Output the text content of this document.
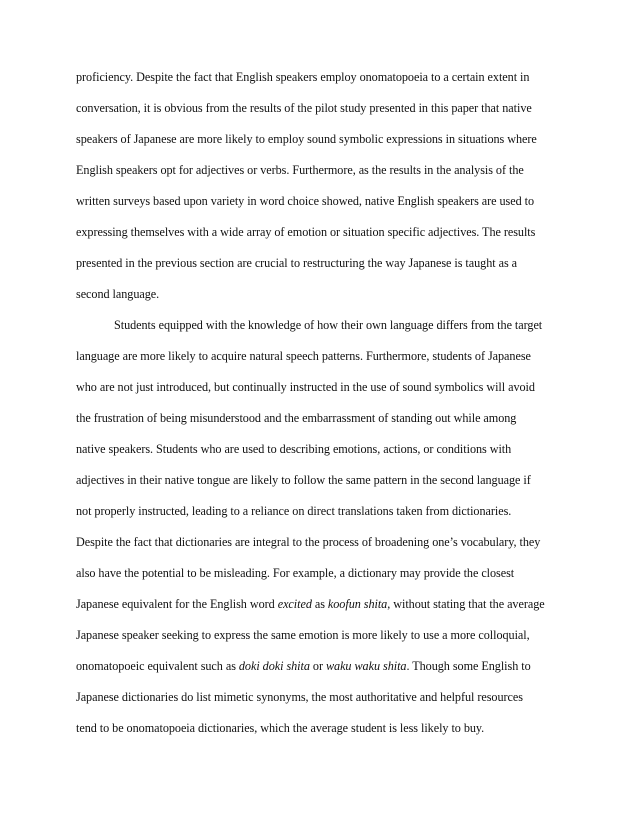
proficiency. Despite the fact that English speakers employ onomatopoeia to a certain extent in
conversation, it is obvious from the results of the pilot study presented in this paper that native
speakers of Japanese are more likely to employ sound symbolic expressions in situations where
English speakers opt for adjectives or verbs. Furthermore, as the results in the analysis of the
written surveys based upon variety in word choice showed, native English speakers are used to
expressing themselves with a wide array of emotion or situation specific adjectives. The results
presented in the previous section are crucial to restructuring the way Japanese is taught as a
second language.
Students equipped with the knowledge of how their own language differs from the target
language are more likely to acquire natural speech patterns. Furthermore, students of Japanese
who are not just introduced, but continually instructed in the use of sound symbolics will avoid
the frustration of being misunderstood and the embarrassment of standing out while among
native speakers. Students who are used to describing emotions, actions, or conditions with
adjectives in their native tongue are likely to follow the same pattern in the second language if
not properly instructed, leading to a reliance on direct translations taken from dictionaries.
Despite the fact that dictionaries are integral to the process of broadening one’s vocabulary, they
also have the potential to be misleading. For example, a dictionary may provide the closest
Japanese equivalent for the English word excited as koofun shita, without stating that the average
Japanese speaker seeking to express the same emotion is more likely to use a more colloquial,
onomatopoeic equivalent such as doki doki shita or waku waku shita. Though some English to
Japanese dictionaries do list mimetic synonyms, the most authoritative and helpful resources
tend to be onomatopoeia dictionaries, which the average student is less likely to buy.
